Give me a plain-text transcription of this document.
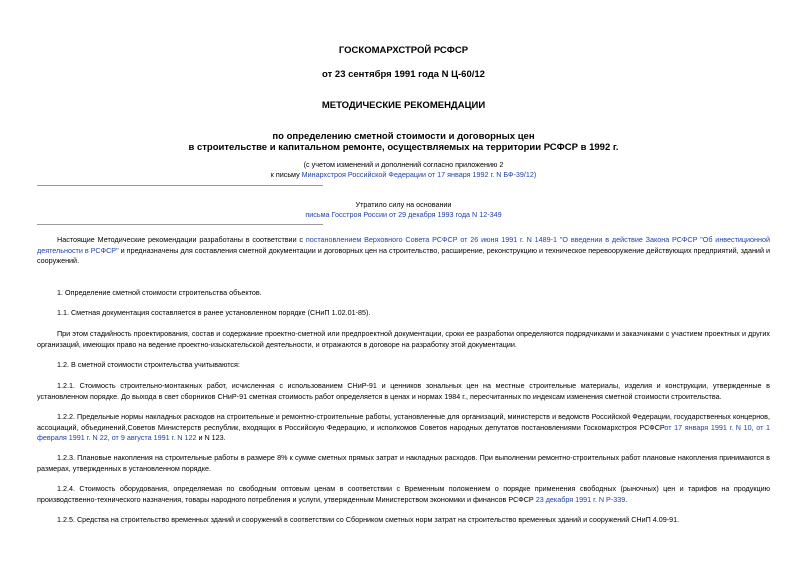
ГОСКОМАРХСТРОЙ РСФСР
от 23 сентября 1991 года N Ц-60/12
МЕТОДИЧЕСКИЕ РЕКОМЕНДАЦИИ
по определению сметной стоимости и договорных цен
в строительстве и капитальном ремонте, осуществляемых на территории РСФСР в 1992 г.
(с учетом изменений и дополнений согласно приложению 2
к письму Минархстроя Российской Федерации от 17 января 1992 г. N БФ-39/12)
Утратило силу на основании
письма Госстроя России от 29 декабря 1993 года N 12-349
Настоящие Методические рекомендации разработаны в соответствии с постановлением Верховного Совета РСФСР от 26 июня 1991 г. N 1489-1 "О введении в действие Закона РСФСР "Об инвестиционной деятельности в РСФСР" и предназначены для составления сметной документации и договорных цен на строительство, расширение, реконструкцию и техническое перевооружение действующих предприятий, зданий и сооружений.
1. Определение сметной стоимости строительства объектов.
1.1. Сметная документация составляется в ранее установленном порядке (СНиП 1.02.01-85).
При этом стадийность проектирования, состав и содержание проектно-сметной или предпроектной документации, сроки ее разработки определяются подрядчиками и заказчиками с участием проектных и других организаций, имеющих право на ведение проектно-изыскательской деятельности, и отражаются в договоре на разработку этой документации.
1.2. В сметной стоимости строительства учитываются:
1.2.1. Стоимость строительно-монтажных работ, исчисленная с использованием СНиР-91 и ценников зональных цен на местные строительные материалы, изделия и конструкции, утвержденные в установленном порядке. До выхода в свет сборников СНиР-91 сметная стоимость работ определяется в ценах и нормах 1984 г., пересчитанных по индексам изменения сметной стоимости строительства.
1.2.2. Предельные нормы накладных расходов на строительные и ремонтно-строительные работы, установленные для организаций, министерств и ведомств Российской Федерации, государственных концернов, ассоциаций, объединений,Советов Министерств республик, входящих в Российскую Федерацию, и исполкомов Советов народных депутатов постановлениями Госкомархстроя РСФСРот 17 января 1991 г. N 10, от 1 февраля 1991 г. N 22, от 9 августа 1991 г. N 122 и N 123.
1.2.3. Плановые накопления на строительные работы в размере 8% к сумме сметных прямых затрат и накладных расходов. При выполнении ремонтно-строительных работ плановые накопления принимаются в размерах, утвержденных в установленном порядке.
1.2.4. Стоимость оборудования, определяемая по свободным оптовым ценам в соответствии с Временным положением о порядке применения свободных (рыночных) цен и тарифов на продукцию производственно-технического назначения, товары народного потребления и услуги, утвержденным Министерством экономики и финансов РСФСР 23 декабря 1991 г. N Р-339.
1.2.5. Средства на строительство временных зданий и сооружений в соответствии со Сборником сметных норм затрат на строительство временных зданий и сооружений СНиП 4.09-91.
